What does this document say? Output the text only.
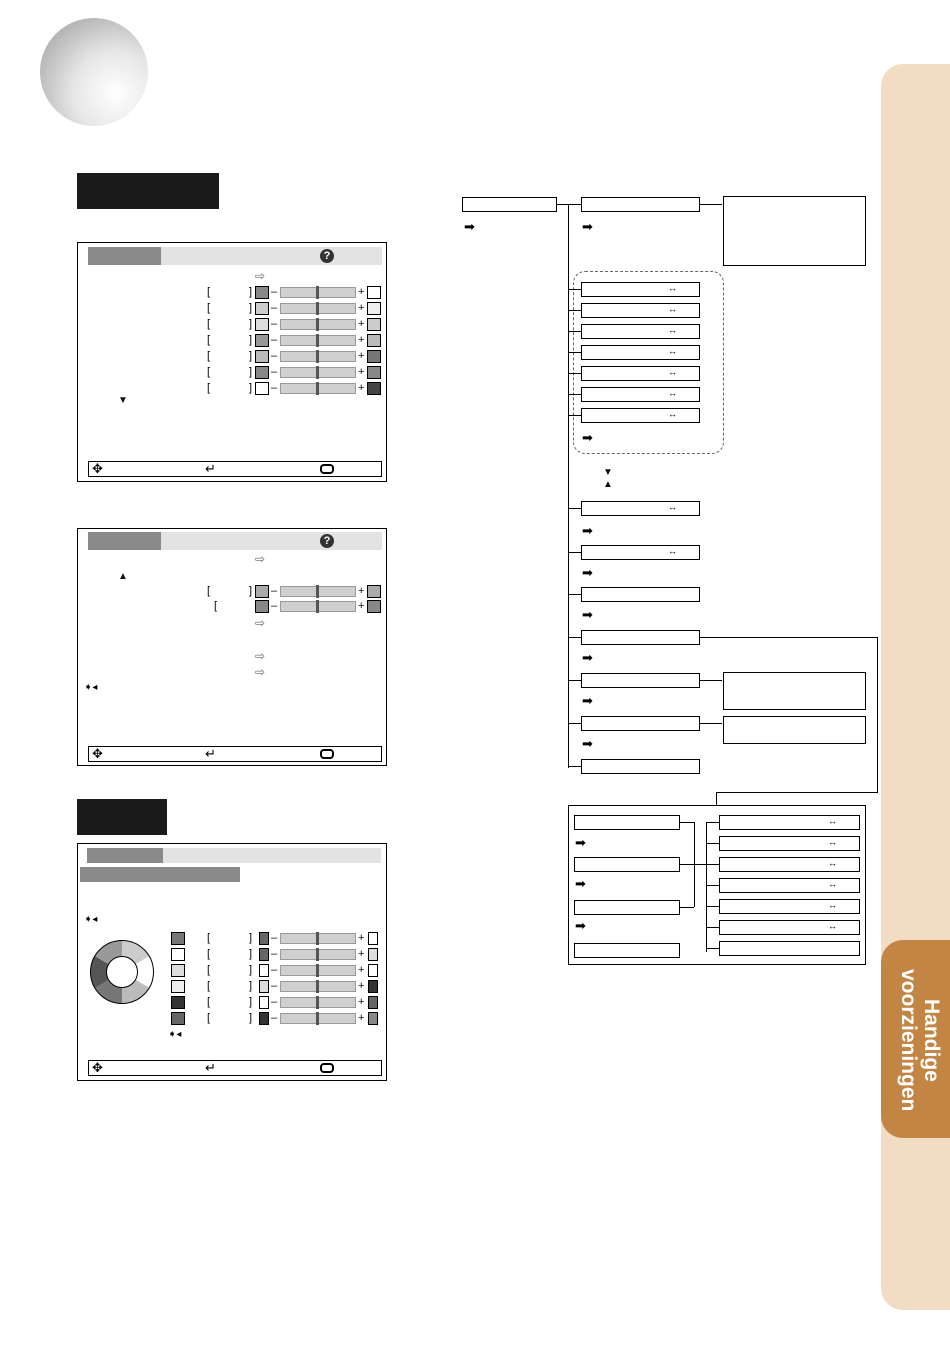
Handige
voorzieningen
?
⇨
[	] –	+
[	] –	+
[	] –	+
[	] –	+
[	] –	+
[	] –	+
[	] –	+
▼
✥	↵
?
⇨
▲
[	] –	+
[	–	+
⇨
⇨
⇨
➧◂
✥	↵
➧◂
[	] –	+
[	] –	+
[	] –	+
[	] –	+
[	] –	+
[	] –	+
➧◂
✥	↵
➡	➡
↔
↔
↔
↔
↔
↔
↔
➡
▼
▲
↔
➡
↔
➡
➡
➡
➡
➡
➡
➡
➡
↔
↔
↔
↔
↔
↔
